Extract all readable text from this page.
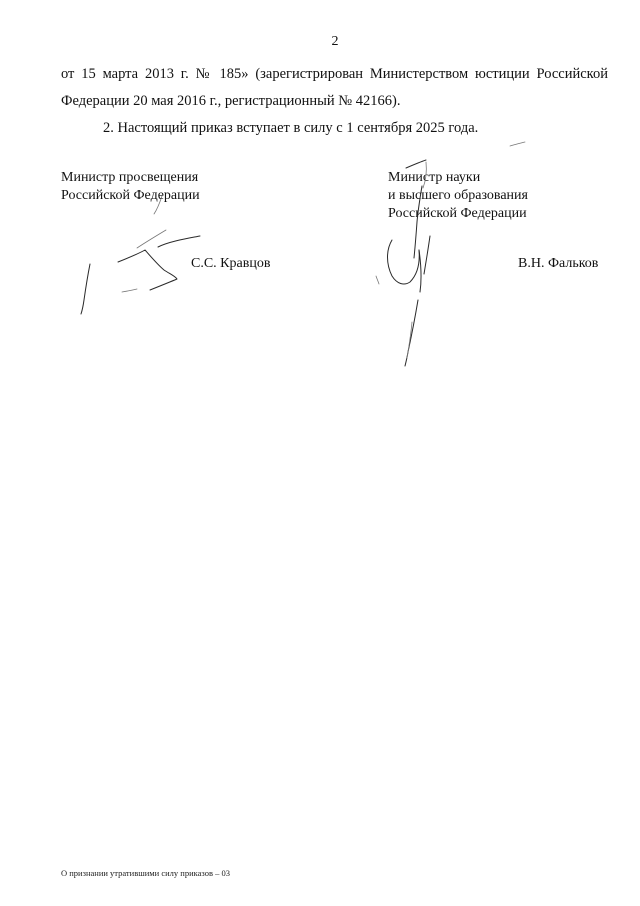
2
от 15 марта 2013 г. № 185» (зарегистрирован Министерством юстиции Российской
Федерации 20 мая 2016 г., регистрационный № 42166).
2. Настоящий приказ вступает в силу с 1 сентября 2025 года.
Министр просвещения
Российской Федерации
Министр науки
и высшего образования
Российской Федерации
С.С. Кравцов	В.Н. Фальков
О признании утратившими силу приказов – 03
